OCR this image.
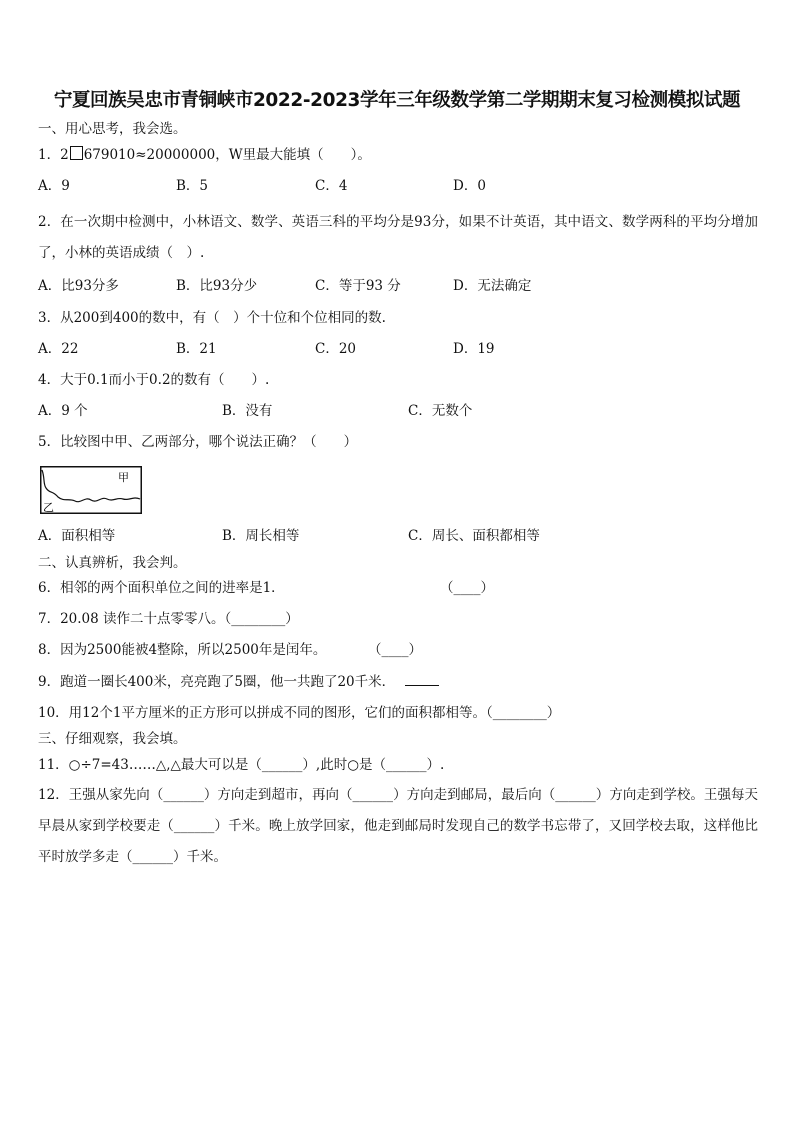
宁夏回族吴忠市青铜峡市2022-2023学年三年级数学第二学期期末复习检测模拟试题
一、用心思考，我会选。
1．2 679010≈20000000，W里最大能填（　　）。
A．9	B．5	C．4	D．0
2．在一次期中检测中，小林语文、数学、英语三科的平均分是93分，如果不计英语，其中语文、数学两科的平均分增加了，小林的英语成绩（　）.
A．比93分多	B．比93分少	C．等于93 分	D．无法确定
3．从200到400的数中，有（　）个十位和个位相同的数.
A．22	B．21	C．20	D．19
4．大于0.1而小于0.2的数有（　　）.
A．9 个	B．没有	C．无数个
5．比较图中甲、乙两部分，哪个说法正确？（　　）
甲
乙
A．面积相等	B．周长相等	C．周长、面积都相等
二、认真辨析，我会判。
6．相邻的两个面积单位之间的进率是1．	（____）
7．20.08 读作二十点零零八。（________）
8．因为2500能被4整除，所以2500年是闰年。	（____）
9．跑道一圈长400米，亮亮跑了5圈，他一共跑了20千米．
10．用12个1平方厘米的正方形可以拼成不同的图形，它们的面积都相等。（________）
三、仔细观察，我会填。
11．○÷7=43……△,△最大可以是（______）,此时○是（______）.
12．王强从家先向（______）方向走到超市，再向（______）方向走到邮局，最后向（______）方向走到学校。王强每天早晨从家到学校要走（______）千米。晚上放学回家，他走到邮局时发现自己的数学书忘带了，又回学校去取，这样他比平时放学多走（______）千米。
